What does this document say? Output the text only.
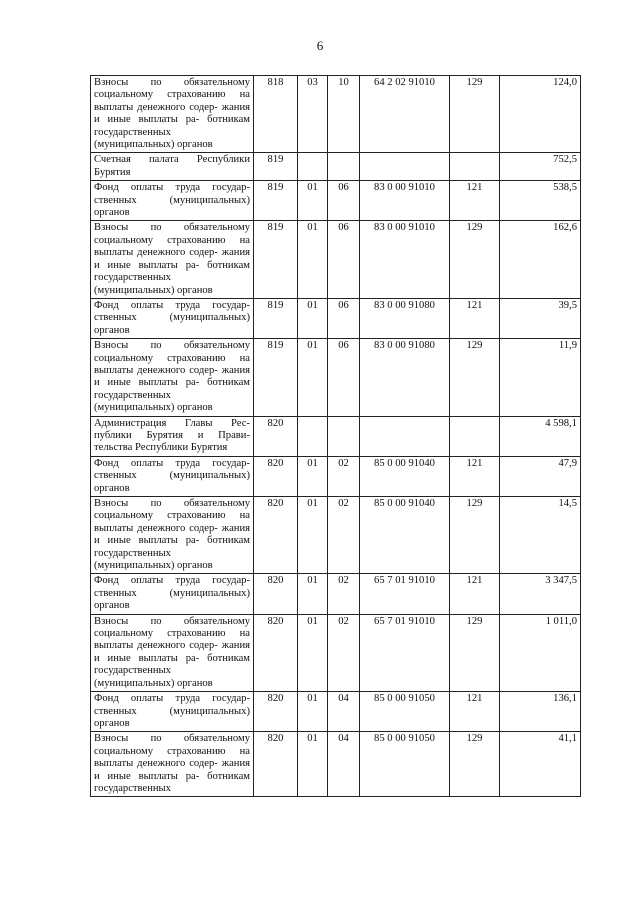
6
Взносы по обязательному социальному страхованию на выплаты денежного содер- жания и иные выплаты ра- ботникам государственных (муниципальных) органов	818	03	10	64 2 02 91010	129	124,0
Счетная палата Республики Бурятия	819					752,5
Фонд оплаты труда государ- ственных (муниципальных) органов	819	01	06	83 0 00 91010	121	538,5
Взносы по обязательному социальному страхованию на выплаты денежного содер- жания и иные выплаты ра- ботникам государственных (муниципальных) органов	819	01	06	83 0 00 91010	129	162,6
Фонд оплаты труда государ- ственных (муниципальных) органов	819	01	06	83 0 00 91080	121	39,5
Взносы по обязательному социальному страхованию на выплаты денежного содер- жания и иные выплаты ра- ботникам государственных (муниципальных) органов	819	01	06	83 0 00 91080	129	11,9
Администрация Главы Рес- публики Бурятия и Прави- тельства Республики Бурятия	820					4 598,1
Фонд оплаты труда государ- ственных (муниципальных) органов	820	01	02	85 0 00 91040	121	47,9
Взносы по обязательному социальному страхованию на выплаты денежного содер- жания и иные выплаты ра- ботникам государственных (муниципальных) органов	820	01	02	85 0 00 91040	129	14,5
Фонд оплаты труда государ- ственных (муниципальных) органов	820	01	02	65 7 01 91010	121	3 347,5
Взносы по обязательному социальному страхованию на выплаты денежного содер- жания и иные выплаты ра- ботникам государственных (муниципальных) органов	820	01	02	65 7 01 91010	129	1 011,0
Фонд оплаты труда государ- ственных (муниципальных) органов	820	01	04	85 0 00 91050	121	136,1
Взносы по обязательному социальному страхованию на выплаты денежного содер- жания и иные выплаты ра- ботникам государственных	820	01	04	85 0 00 91050	129	41,1
